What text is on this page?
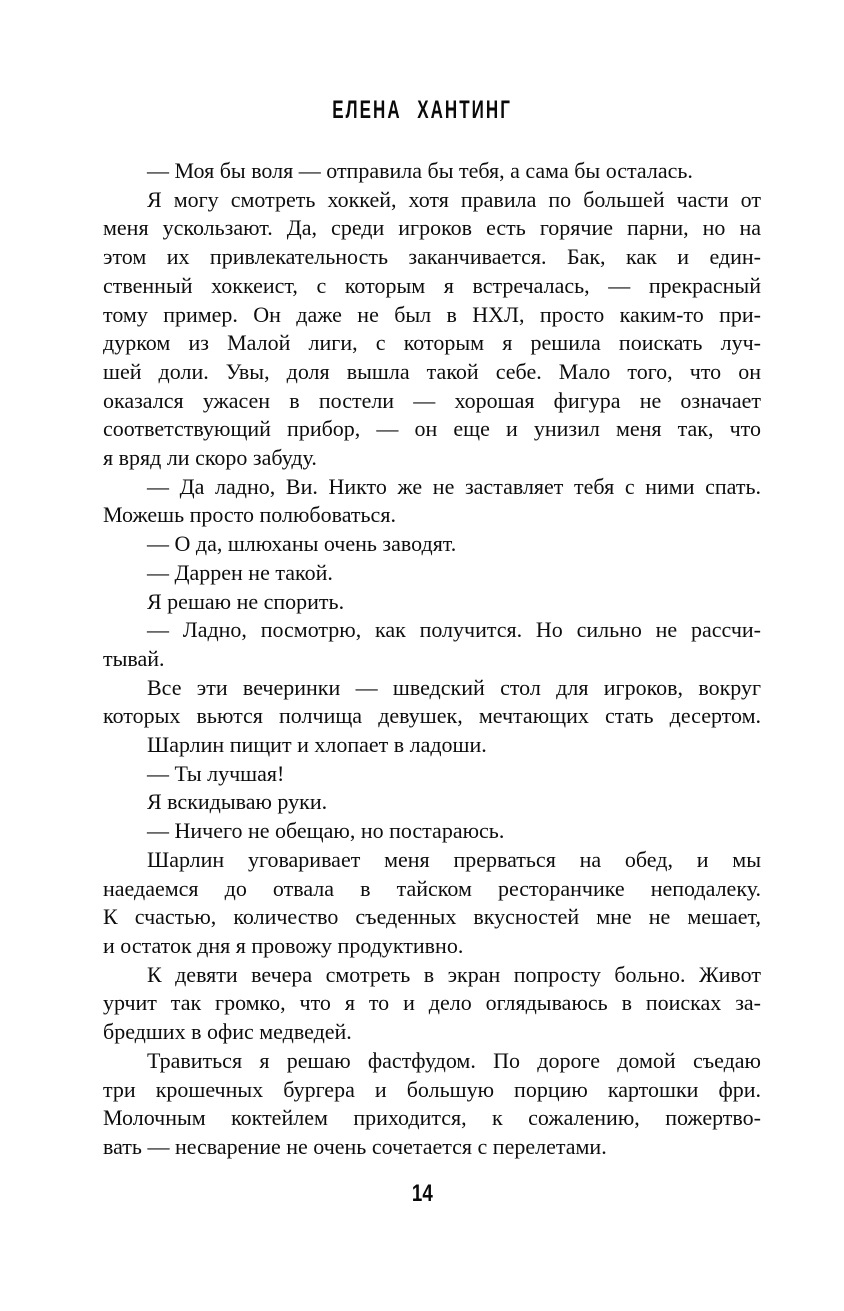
ЕЛЕНА ХАНТИНГ
— Моя бы воля — отправила бы тебя, а сама бы осталась.
Я могу смотреть хоккей, хотя правила по большей части от
меня ускользают. Да, среди игроков есть горячие парни, но на
этом их привлекательность заканчивается. Бак, как и един-
ственный хоккеист, с которым я встречалась, — прекрасный
тому пример. Он даже не был в НХЛ, просто каким-то при-
дурком из Малой лиги, с которым я решила поискать луч-
шей доли. Увы, доля вышла такой себе. Мало того, что он
оказался ужасен в постели — хорошая фигура не означает
соответствующий прибор, — он еще и унизил меня так, что
я вряд ли скоро забуду.
— Да ладно, Ви. Никто же не заставляет тебя с ними спать.
Можешь просто полюбоваться.
— О да, шлюханы очень заводят.
— Даррен не такой.
Я решаю не спорить.
— Ладно, посмотрю, как получится. Но сильно не рассчи-
тывай.
Все эти вечеринки — шведский стол для игроков, вокруг
которых вьются полчища девушек, мечтающих стать десертом.
Шарлин пищит и хлопает в ладоши.
— Ты лучшая!
Я вскидываю руки.
— Ничего не обещаю, но постараюсь.
Шарлин уговаривает меня прерваться на обед, и мы
наедаемся до отвала в тайском ресторанчике неподалеку.
К счастью, количество съеденных вкусностей мне не мешает,
и остаток дня я провожу продуктивно.
К девяти вечера смотреть в экран попросту больно. Живот
урчит так громко, что я то и дело оглядываюсь в поисках за-
бредших в офис медведей.
Травиться я решаю фастфудом. По дороге домой съедаю
три крошечных бургера и большую порцию картошки фри.
Молочным коктейлем приходится, к сожалению, пожертво-
вать — несварение не очень сочетается с перелетами.
14
